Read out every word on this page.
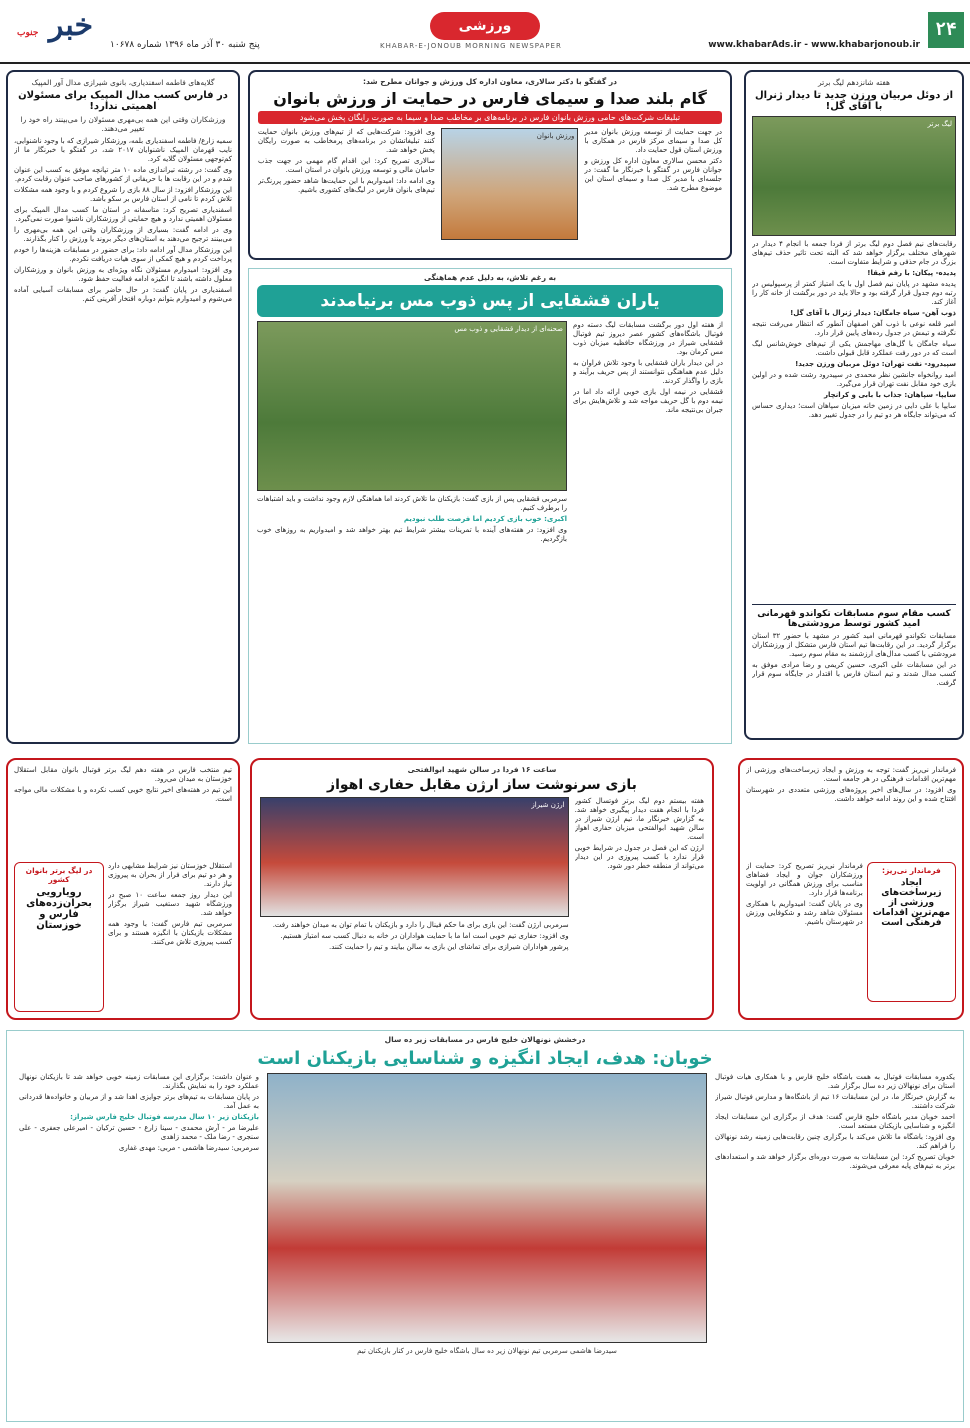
۲۴
www.khabarAds.ir - www.khabarjonoub.ir
ورزشی
KHABAR-E-JONOUB MORNING NEWSPAPER
خبر جنوب
پنج شنبه ۳۰ آذر ماه ۱۳۹۶ شماره ۱۰۶۷۸
هفته شانزدهم لیگ برتر
از دوئل مربیان ورزن جدید تا دیدار ژنرال با آقای گل!
لیگ برتر

رقابت‌های نیم فصل دوم لیگ برتر از فردا جمعه با انجام ۴ دیدار در شهرهای مختلف برگزار خواهد شد که البته تحت تاثیر حذف تیم‌های بزرگ در جام حذفی و شرایط متفاوت است.

پدیده- پیکان: با رفم قیقا!

پدیده مشهد در پایان نیم فصل اول با یک امتیاز کمتر از پرسپولیس در رتبه دوم جدول قرار گرفته بود و حالا باید در دور برگشت از خانه کار را آغاز کند.

ذوب آهن- سیاه جامگان: دیدار ژنرال با آقای گل!

امیر قلعه نوعی با ذوب آهن اصفهان آنطور که انتظار می‌رفت نتیجه نگرفته و تیمش در جدول رده‌های پایین قرار دارد.

سیاه جامگان با گل‌های مهاجمش یکی از تیم‌های خوش‌شانس لیگ است که در دور رفت عملکرد قابل قبولی داشت.

سپیدرود- نفت تهران: دوئل مربیان ورزن جدید!

امید روانخواه جانشین نظر محمدی در سپیدرود رشت شده و در اولین بازی خود مقابل نفت تهران قرار می‌گیرد.

سایپا- سپاهان: جذاب با بابی و کرانچار

سایپا با علی دایی در زمین خانه میزبان سپاهان است؛ دیداری حساس که می‌تواند جایگاه هر دو تیم را در جدول تغییر دهد.

کسب مقام سوم مسابقات تکواندو قهرمانی امید کشور توسط مرودشتی‌ها

مسابقات تکواندو قهرمانی امید کشور در مشهد با حضور ۳۲ استان برگزار گردید. در این رقابت‌ها تیم استان فارس متشکل از ورزشکاران مرودشتی با کسب مدال‌های ارزشمند به مقام سوم رسید.

در این مسابقات علی اکبری، حسین کریمی و رضا مرادی موفق به کسب مدال شدند و تیم استان فارس با اقتدار در جایگاه سوم قرار گرفت.

در گفتگو با دکتر سالاری، معاون اداره کل ورزش و جوانان مطرح شد:
گام بلند صدا و سیمای فارس در حمایت از ورزش بانوان
تبلیغات شرکت‌های حامی ورزش بانوان فارس در برنامه‌های بر مخاطب صدا و سیما به صورت رایگان پخش می‌شود

در جهت حمایت از توسعه ورزش بانوان مدیر کل صدا و سیمای مرکز فارس در همکاری با ورزش استان قول حمایت داد.

دکتر محسن سالاری معاون اداره کل ورزش و جوانان فارس در گفتگو با خبرنگار ما گفت: در جلسه‌ای با مدیر کل صدا و سیمای استان این موضوع مطرح شد.

ورزش بانوان

وی افزود: شرکت‌هایی که از تیم‌های ورزش بانوان حمایت کنند تبلیغاتشان در برنامه‌های پرمخاطب به صورت رایگان پخش خواهد شد.

سالاری تصریح کرد: این اقدام گام مهمی در جهت جذب حامیان مالی و توسعه ورزش بانوان در استان است.

وی ادامه داد: امیدواریم با این حمایت‌ها شاهد حضور پررنگ‌تر تیم‌های بانوان فارس در لیگ‌های کشوری باشیم.

به رغم تلاش، به دلیل عدم هماهنگی
یاران قشقایی از پس ذوب مس برنیامدند

از هفته اول دور برگشت مسابقات لیگ دسته دوم فوتبال باشگاه‌های کشور عصر دیروز تیم فوتبال قشقایی شیراز در ورزشگاه حافظیه میزبان ذوب مس کرمان بود.

در این دیدار یاران قشقایی با وجود تلاش فراوان به دلیل عدم هماهنگی نتوانستند از پس حریف برآیند و بازی را واگذار کردند.

قشقایی در نیمه اول بازی خوبی ارائه داد اما در نیمه دوم با گل حریف مواجه شد و تلاش‌هایش برای جبران بی‌نتیجه ماند.

صحنه‌ای از دیدار قشقایی و ذوب مس

سرمربی قشقایی پس از بازی گفت: بازیکنان ما تلاش کردند اما هماهنگی لازم وجود نداشت و باید اشتباهات را برطرف کنیم.

اکبری: خوب بازی کردیم اما فرصت طلب نبودیم

وی افزود: در هفته‌های آینده با تمرینات بیشتر شرایط تیم بهتر خواهد شد و امیدواریم به روزهای خوب بازگردیم.

گلایه‌های فاطمه اسفندیاری، بانوی شیرازی مدال آور المپیک
در فارس کسب مدال المپیک برای مسئولان اهمیتی ندارد!
ورزشکاران وقتی این همه بی‌مهری مسئولان را می‌بینند راه خود را تغییر می‌دهند.

سمیه زارع/ فاطمه اسفندیاری بلمه، ورزشکار شیرازی که با وجود ناشنوایی، نایب قهرمان المپیک ناشنوایان ۲۰۱۷ شد، در گفتگو با خبرنگار ما از کم‌توجهی مسئولان گلایه کرد.

وی گفت: در رشته تیراندازی ماده ۱۰ متر تپانچه موفق به کسب این عنوان شدم و در این رقابت ها با حریفانی از کشورهای صاحب عنوان رقابت کردم.

این ورزشکار افزود: از سال ۸۸ بازی را شروع کردم و با وجود همه مشکلات تلاش کردم تا نامی از استان فارس بر سکو باشد.

اسفندیاری تصریح کرد: متاسفانه در استان ما کسب مدال المپیک برای مسئولان اهمیتی ندارد و هیچ حمایتی از ورزشکاران ناشنوا صورت نمی‌گیرد.

وی در ادامه گفت: بسیاری از ورزشکاران وقتی این همه بی‌مهری را می‌بینند ترجیح می‌دهند به استان‌های دیگر بروند یا ورزش را کنار بگذارند.

این ورزشکار مدال آور ادامه داد: برای حضور در مسابقات هزینه‌ها را خودم پرداخت کردم و هیچ کمکی از سوی هیات دریافت نکردم.

وی افزود: امیدوارم مسئولان نگاه ویژه‌ای به ورزش بانوان و ورزشکاران معلول داشته باشند تا انگیزه ادامه فعالیت حفظ شود.

اسفندیاری در پایان گفت: در حال حاضر برای مسابقات آسیایی آماده می‌شوم و امیدوارم بتوانم دوباره افتخار آفرینی کنم.

فرماندار نی‌ریز گفت: توجه به ورزش و ایجاد زیرساخت‌های ورزشی از مهم‌ترین اقدامات فرهنگی در هر جامعه است.

وی افزود: در سال‌های اخیر پروژه‌های ورزشی متعددی در شهرستان افتتاح شده و این روند ادامه خواهد داشت.

فرماندار نی‌ریز:
ایجاد زیرساخت‌های ورزشی از مهم‌ترین اقدامات فرهنگی است

فرماندار نی‌ریز تصریح کرد: حمایت از ورزشکاران جوان و ایجاد فضاهای مناسب برای ورزش همگانی در اولویت برنامه‌ها قرار دارد.

وی در پایان گفت: امیدواریم با همکاری مسئولان شاهد رشد و شکوفایی ورزش در شهرستان باشیم.

ساعت ۱۶ فردا در سالن شهید ابوالفتحی
بازی سرنوشت ساز ارژن مقابل حفاری اهواز

هفته بیستم دوم لیگ برتر فوتسال کشور فردا با انجام هفت دیدار پیگیری خواهد شد. به گزارش خبرنگار ما، تیم ارژن شیراز در سالن شهید ابوالفتحی میزبان حفاری اهواز است.

ارژن که این فصل در جدول در شرایط خوبی قرار ندارد با کسب پیروزی در این دیدار می‌تواند از منطقه خطر دور شود.

ارژن شیراز

سرمربی ارژن گفت: این بازی برای ما حکم فینال را دارد و بازیکنان با تمام توان به میدان خواهند رفت.

وی افزود: حفاری تیم خوبی است اما ما با حمایت هواداران در خانه به دنبال کسب سه امتیاز هستیم.

پرشور هواداران شیرازی برای تماشای این بازی به سالن بیایند و تیم را حمایت کنند.

تیم منتخب فارس در هفته دهم لیگ برتر فوتبال بانوان مقابل استقلال خوزستان به میدان می‌رود.

این تیم در هفته‌های اخیر نتایج خوبی کسب نکرده و با مشکلات مالی مواجه است.

استقلال خوزستان نیز شرایط مشابهی دارد و هر دو تیم برای فرار از بحران به پیروزی نیاز دارند.

این دیدار روز جمعه ساعت ۱۰ صبح در ورزشگاه شهید دستغیب شیراز برگزار خواهد شد.

سرمربی تیم فارس گفت: با وجود همه مشکلات بازیکنان با انگیزه هستند و برای کسب پیروزی تلاش می‌کنند.

در لیگ برتر بانوان کشور
رویارویی بحران‌زده‌های فارس و خوزستان
درخشش نونهالان خلیج فارس در مسابقات زیر ده سال
خوبان: هدف، ایجاد انگیزه و شناسایی بازیکنان است

یکدوره مسابقات فوتبال به همت باشگاه خلیج فارس و با همکاری هیات فوتبال استان برای نونهالان زیر ده سال برگزار شد.

به گزارش خبرنگار ما، در این مسابقات ۱۶ تیم از باشگاه‌ها و مدارس فوتبال شیراز شرکت داشتند.

احمد خوبان مدیر باشگاه خلیج فارس گفت: هدف از برگزاری این مسابقات ایجاد انگیزه و شناسایی بازیکنان مستعد است.

وی افزود: باشگاه ما تلاش می‌کند با برگزاری چنین رقابت‌هایی زمینه رشد نونهالان را فراهم کند.

خوبان تصریح کرد: این مسابقات به صورت دوره‌ای برگزار خواهد شد و استعدادهای برتر به تیم‌های پایه معرفی می‌شوند.

سیدرضا هاشمی سرمربی تیم نونهالان زیر ده سال باشگاه خلیج فارس در کنار بازیکنان تیم

و عنوان داشت: برگزاری این مسابقات زمینه خوبی خواهد شد تا بازیکنان نونهال عملکرد خود را به نمایش بگذارند.

در پایان مسابقات به تیم‌های برتر جوایزی اهدا شد و از مربیان و خانواده‌ها قدردانی به عمل آمد.

بازیکنان زیر ۱۰ سال مدرسه فوتبال خلیج فارس شیراز:

علیرضا مر - آرش محمدی - سینا زارع - حسین ترکیان - امیرعلی جعفری - علی سنجری - رضا ملک - محمد زاهدی

سرمربی: سیدرضا هاشمی - مربی: مهدی غفاری
